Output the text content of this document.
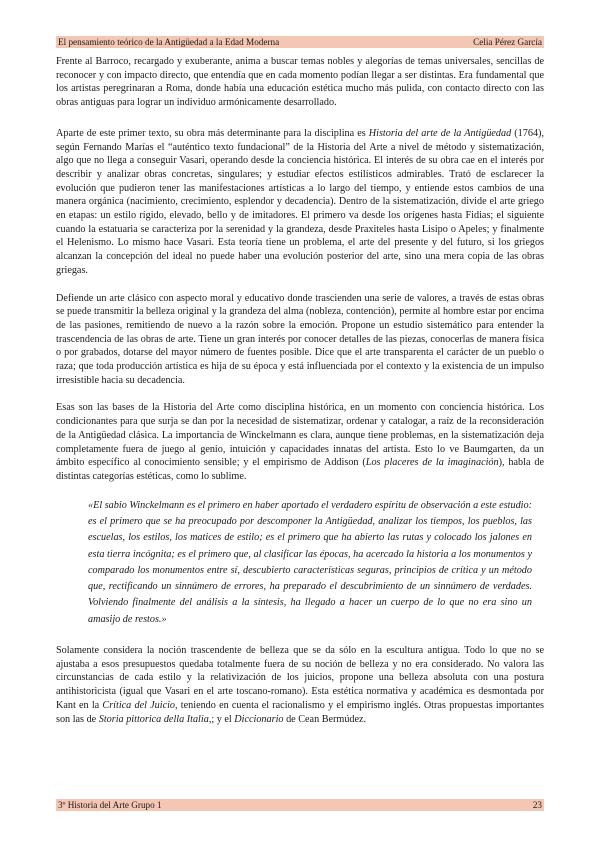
El pensamiento teórico de la Antigüedad a la Edad Moderna	Celia Pérez García

Frente al Barroco, recargado y exuberante, anima a buscar temas nobles y alegorías de temas universales, sencillas de reconocer y con impacto directo, que entendía que en cada momento podían llegar a ser distintas. Era fundamental que los artistas peregrinaran a Roma, donde había una educación estética mucho más pulida, con contacto directo con las obras antiguas para lograr un individuo armónicamente desarrollado.

Aparte de este primer texto, su obra más determinante para la disciplina es Historia del arte de la Antigüedad (1764), según Fernando Marías el “auténtico texto fundacional” de la Historia del Arte a nivel de método y sistematización, algo que no llega a conseguir Vasari, operando desde la conciencia histórica. El interés de su obra cae en el interés por describir y analizar obras concretas, singulares; y estudiar efectos estilísticos admirables. Trató de esclarecer la evolución que pudieron tener las manifestaciones artísticas a lo largo del tiempo, y entiende estos cambios de una manera orgánica (nacimiento, crecimiento, esplendor y decadencia). Dentro de la sistematización, divide el arte griego en etapas: un estilo rígido, elevado, bello y de imitadores. El primero va desde los orígenes hasta Fidias; el siguiente cuando la estatuaria se caracteriza por la serenidad y la grandeza, desde Praxiteles hasta Lisipo o Apeles; y finalmente el Helenismo. Lo mismo hace Vasari. Esta teoría tiene un problema, el arte del presente y del futuro, si los griegos alcanzan la concepción del ideal no puede haber una evolución posterior del arte, sino una mera copia de las obras griegas.

Defiende un arte clásico con aspecto moral y educativo donde trascienden una serie de valores, a través de estas obras se puede transmitir la belleza original y la grandeza del alma (nobleza, contención), permite al hombre estar por encima de las pasiones, remitiendo de nuevo a la razón sobre la emoción. Propone un estudio sistemático para entender la trascendencia de las obras de arte. Tiene un gran interés por conocer detalles de las piezas, conocerlas de manera física o por grabados, dotarse del mayor número de fuentes posible. Dice que el arte transparenta el carácter de un pueblo o raza; que toda producción artística es hija de su época y está influenciada por el contexto y la existencia de un impulso irresistible hacia su decadencia.

Esas son las bases de la Historia del Arte como disciplina histórica, en un momento con conciencia histórica. Los condicionantes para que surja se dan por la necesidad de sistematizar, ordenar y catalogar, a raíz de la reconsideración de la Antigüedad clásica. La importancia de Winckelmann es clara, aunque tiene problemas, en la sistematización deja completamente fuera de juego al genio, intuición y capacidades innatas del artista. Esto lo ve Baumgarten, da un ámbito específico al conocimiento sensible; y el empirismo de Addison (Los placeres de la imaginación), habla de distintas categorías estéticas, como lo sublime.

«El sabio Winckelmann es el primero en haber aportado el verdadero espíritu de observación a este estudio: es el primero que se ha preocupado por descomponer la Antigüedad, analizar los tiempos, los pueblos, las escuelas, los estilos, los matices de estilo; es el primero que ha abierto las rutas y colocado los jalones en esta tierra incógnita; es el primero que, al clasificar las épocas, ha acercado la historia a los monumentos y comparado los monumentos entre sí, descubierto características seguras, principios de crítica y un método que, rectificando un sinnúmero de errores, ha preparado el descubrimiento de un sinnúmero de verdades. Volviendo finalmente del análisis a la síntesis, ha llegado a hacer un cuerpo de lo que no era sino un amasijo de restos.»

Solamente considera la noción trascendente de belleza que se da sólo en la escultura antigua. Todo lo que no se ajustaba a esos presupuestos quedaba totalmente fuera de su noción de belleza y no era considerado. No valora las circunstancias de cada estilo y la relativización de los juicios, propone una belleza absoluta con una postura antihistoricista (igual que Vasari en el arte toscano-romano). Esta estética normativa y académica es desmontada por Kant en la Crítica del Juicio, teniendo en cuenta el racionalismo y el empirismo inglés. Otras propuestas importantes son las de Storia pittorica della Italia,; y el Diccionario de Cean Bermúdez.

3º Historia del Arte Grupo 1	23
